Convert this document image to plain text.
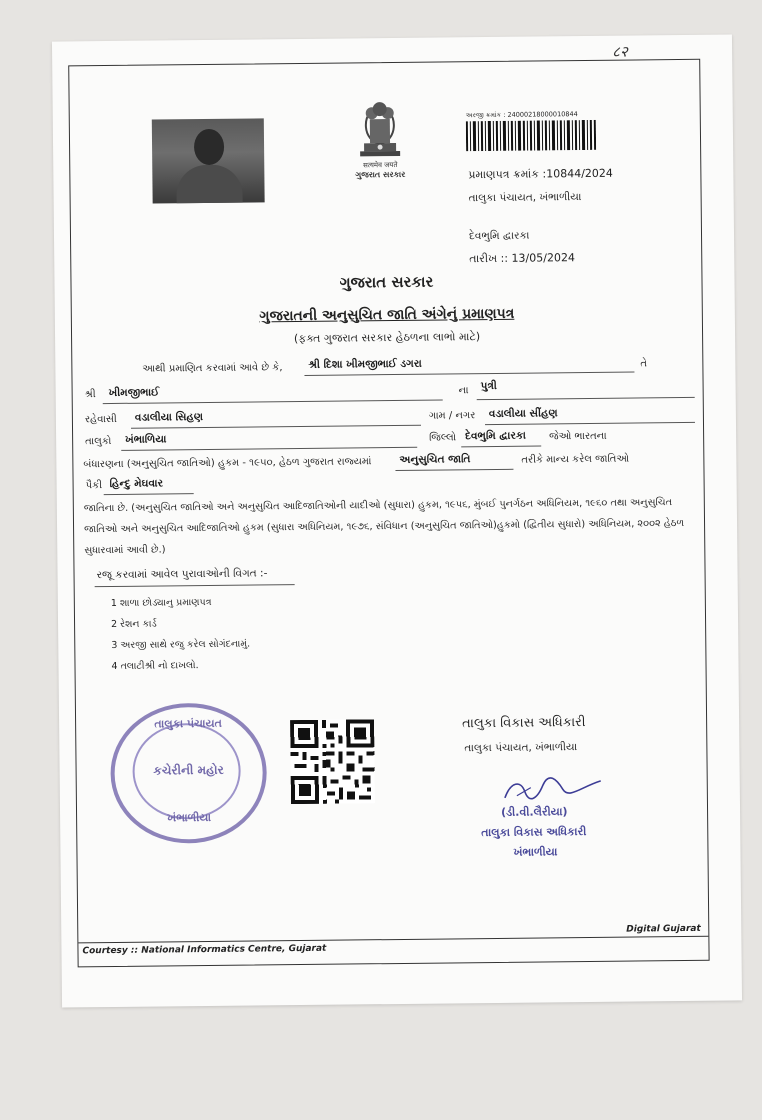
८२
सत्यमेव जयते
ગુજરાત સરકાર
અરજી ક્રમાંક : 24000218000010844
પ્રમાણપત્ર ક્રમાંક :10844/2024
તાલુકા પંચાયત, ખંભાળીયા
દેવભુમિ દ્વારકા
તારીખ :: 13/05/2024
ગુજરાત સરકાર
ગુજરાતની અનુસુચિત જાતિ અંગેનું પ્રમાણપત્ર
(ફક્ત ગુજરાત સરકાર હેઠળના લાભો માટે)
આથી પ્રમાણિત કરવામાં આવે છે કે, શ્રી દિશા ખીમજીભાઈ ડગરા	તે
શ્રી ખીમજીભાઈ	ના પુત્રી
રહેવાસી વડાલીયા સિહણ	ગામ / નગર વડાલીયા સીંહણ
તાલુકો ખંભાળિયા	જિલ્લો દેવભુમિ દ્વારકા જેઓ ભારતના
બંધારણના (અનુસુચિત જાતિઓ) હુકમ - ૧૯૫૦, હેઠળ ગુજરાત રાજ્યમાં	અનુસુચિત જાતિ	તરીકે માન્ય કરેલ જાતિઓ
પૈકી હિન્દુ મેઘવાર
જાતિના છે. (અનુસુચિત જાતિઓ અને અનુસુચિત આદિજાતિઓની યાદીઓ (સુધારા) હુકમ, ૧૯૫૬, મુંબઈ પુનર્ગઠન અધિનિયમ, ૧૯૬૦ તથા અનુસુચિત જાતિઓ અને અનુસુચિત આદિજાતિઓ હુકમ (સુધારા અધિનિયમ, ૧૯૭૬, સંવિધાન (અનુસુચિત જાતિઓ)હુકમો (દ્વિતીય સુધારો) અધિનિયમ, ૨૦૦૨ હેઠળ સુધારવામાં આવી છે.)
રજૂ કરવામાં આવેલ પુરાવાઓની વિગત :-
1 શાળા છોડ્યાનુ પ્રમાણપત્ર
2 રેશન કાર્ડ
3 અરજી સાથે રજુ કરેલ સોગંદનામું.
4 તલાટીશ્રી નો દાખલો.
તાલુકા પંચાયત
કચેરીની મહોર
ખંભાળીયા
તાલુકા વિકાસ અધિકારી
તાલુકા પંચાયત, ખંભાળીયા
(ડી.વી.લૈરીયા)
તાલુકા વિકાસ અધિકારી
ખંભાળીયા
Digital Gujarat
Courtesy :: National Informatics Centre, Gujarat
